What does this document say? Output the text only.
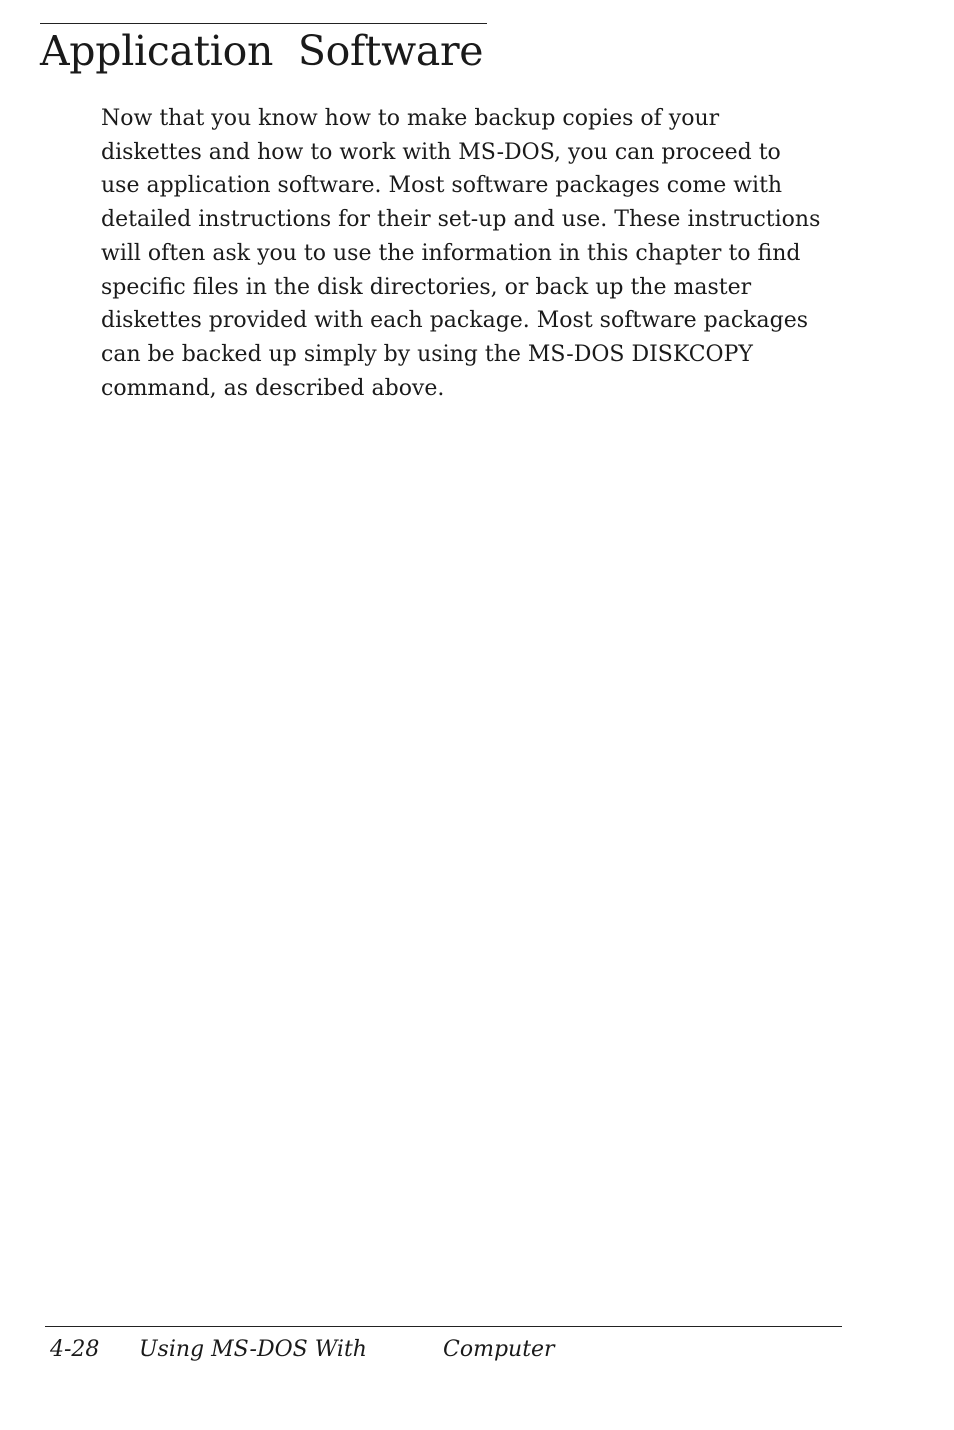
Application Software
Now that you know how to make backup copies of your
diskettes and how to work with MS-DOS, you can proceed to
use application software. Most software packages come with
detailed instructions for their set-up and use. These instructions
will often ask you to use the information in this chapter to find
specific files in the disk directories, or back up the master
diskettes provided with each package. Most software packages
can be backed up simply by using the MS-DOS DISKCOPY
command, as described above.
4-28 Using MS-DOS With	Computer
